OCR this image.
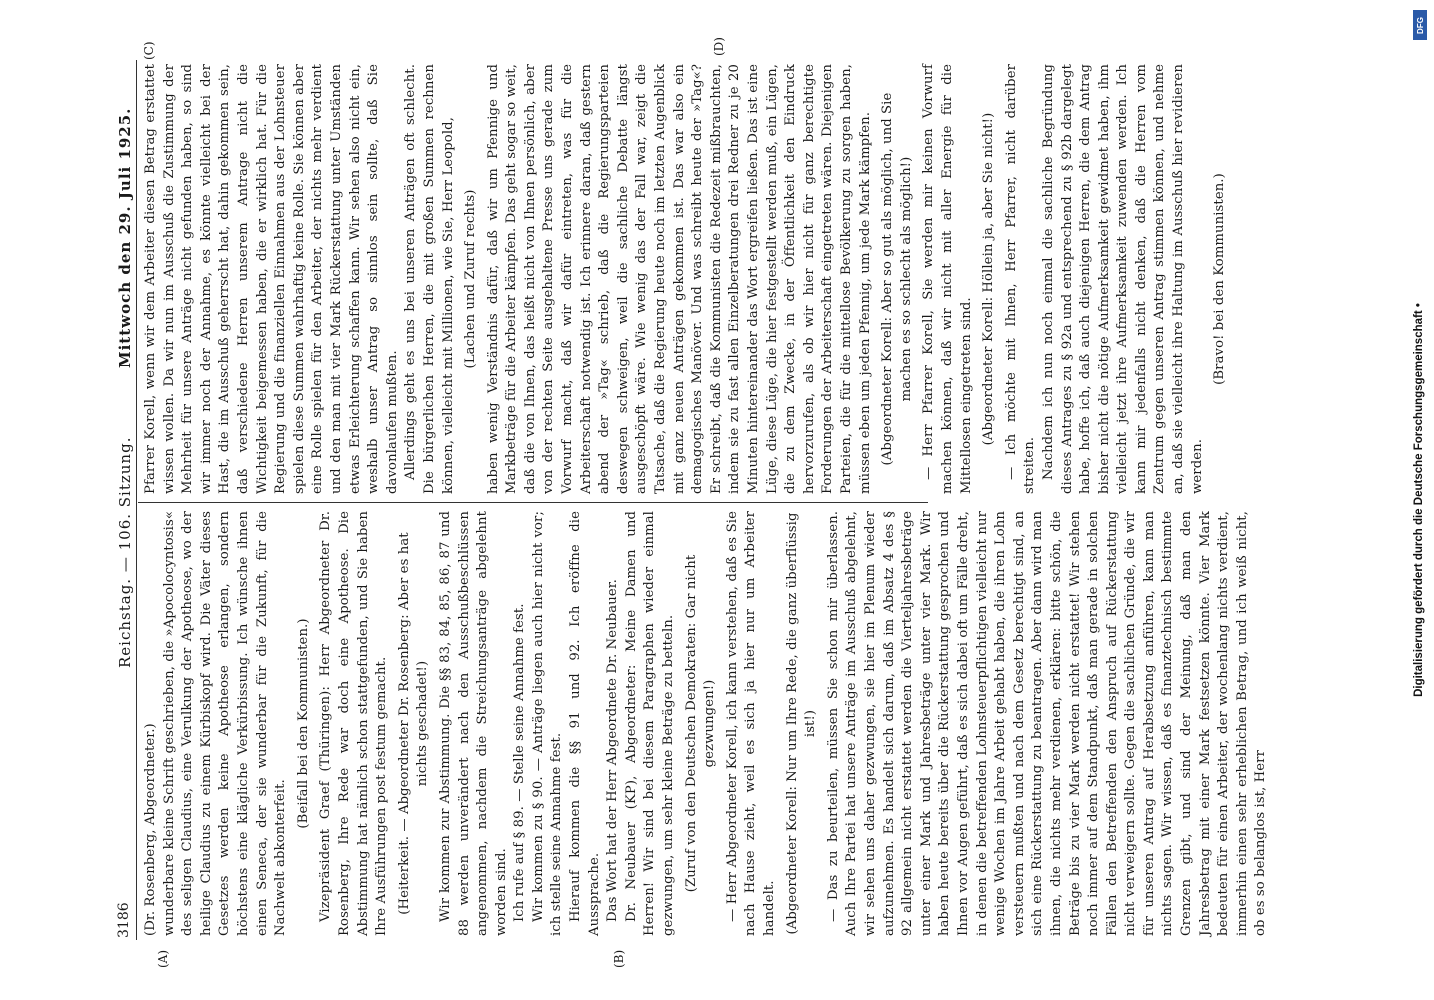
3186
Reichstag. — 106. Sitzung.
Mittwoch den 29. Juli 1925.
(A)	(B)
(C)	(D)

(Dr. Rosenberg, Abgeordneter.) wunderbare kleine Schrift geschrieben, die »Apocolocyntosis« des seligen Claudius, eine Verulkung der Apotheose, wo der heilige Claudius zu einem Kürbiskopf wird. Die Väter dieses Gesetzes werden keine Apotheose erlangen, sondern höchstens eine klägliche Verkürbissung. Ich wünsche ihnen einen Seneca, der sie wunderbar für die Zukunft, für die Nachwelt abkonterfeit.

(Beifall bei den Kommunisten.) Vizepräsident Graef (Thüringen): Herr Abgeordneter Dr. Rosenberg, Ihre Rede war doch eine Apotheose. Die Abstimmung hat nämlich schon stattgefunden, und Sie haben Ihre Ausführungen post festum gemacht. (Heiterkeit. — Abgeordneter Dr. Rosenberg: Aber es hat nichts geschadet!) Wir kommen zur Abstimmung. Die §§ 83, 84, 85, 86, 87 und 88 werden unverändert nach den Ausschußbeschlüssen angenommen, nachdem die Streichungsanträge abgelehnt worden sind. Ich rufe auf § 89. — Stelle seine Annahme fest. Wir kommen zu § 90. — Anträge liegen auch hier nicht vor; ich stelle seine Annahme fest. Hierauf kommen die §§ 91 und 92. Ich eröffne die Aussprache. Das Wort hat der Herr Abgeordnete Dr. Neubauer. Dr. Neubauer (KP), Abgeordneter: Meine Damen und Herren! Wir sind bei diesem Paragraphen wieder einmal gezwungen, um sehr kleine Beträge zu betteln. (Zuruf von den Deutschen Demokraten: Gar nicht gezwungen!) — Herr Abgeordneter Korell, ich kann verstehen, daß es Sie nach Hause zieht, weil es sich ja hier nur um Arbeiter handelt. (Abgeordneter Korell: Nur um Ihre Rede, die ganz überflüssig ist!) — Das zu beurteilen, müssen Sie schon mir überlassen. Auch Ihre Partei hat unsere Anträge im Ausschuß abgelehnt, wir sehen uns daher gezwungen, sie hier im Plenum wieder aufzunehmen. Es handelt sich darum, daß im Absatz 4 des § 92 allgemein nicht erstattet werden die Vierteljahresbeträge unter einer Mark und Jahresbeträge unter vier Mark. Wir haben heute bereits über die Rückerstattung gesprochen und Ihnen vor Augen geführt, daß es sich dabei oft um Fälle dreht, in denen die betreffenden Lohnsteuerpflichtigen vielleicht nur wenige Wochen im Jahre Arbeit gehabt haben, die ihren Lohn versteuern mußten und nach dem Gesetz berechtigt sind, an sich eine Rückerstattung zu beantragen. Aber dann wird man ihnen, die nichts mehr verdienen, erklären: bitte schön, die Beträge bis zu vier Mark werden nicht erstattet! Wir stehen noch immer auf dem Standpunkt, daß man gerade in solchen Fällen den Betreffenden den Anspruch auf Rückerstattung nicht verweigern sollte. Gegen die sachlichen Gründe, die wir für unseren Antrag auf Herabsetzung anführen, kann man nichts sagen. Wir wissen, daß es finanztechnisch bestimmte Grenzen gibt, und sind der Meinung, daß man den Jahresbetrag mit einer Mark festsetzen könnte. Vier Mark bedeuten für einen Arbeiter, der wochenlang nichts verdient, immerhin einen sehr erheblichen Betrag, und ich weiß nicht, ob es so belanglos ist, Herr

Pfarrer Korell, wenn wir dem Arbeiter diesen Betrag erstattet wissen wollen. Da wir nun im Ausschuß die Zustimmung der Mehrheit für unsere Anträge nicht gefunden haben, so sind wir immer noch der Annahme, es könnte vielleicht bei der Hast, die im Ausschuß geherrscht hat, dahin gekommen sein, daß verschiedene Herren unserem Antrage nicht die Wichtigkeit beigemessen haben, die er wirklich hat. Für die Regierung und die finanziellen Einnahmen aus der Lohnsteuer spielen diese Summen wahrhaftig keine Rolle. Sie können aber eine Rolle spielen für den Arbeiter, der nichts mehr verdient und den man mit vier Mark Rückerstattung unter Umständen etwas Erleichterung schaffen kann. Wir sehen also nicht ein, weshalb unser Antrag so sinnlos sein sollte, daß Sie davonlaufen mußten. Allerdings geht es uns bei unseren Anträgen oft schlecht. Die bürgerlichen Herren, die mit großen Summen rechnen können, vielleicht mit Millionen, wie Sie, Herr Leopold, (Lachen und Zuruf rechts) haben wenig Verständnis dafür, daß wir um Pfennige und Markbeträge für die Arbeiter kämpfen. Das geht sogar so weit, daß die von Ihnen, das heißt nicht von Ihnen persönlich, aber von der rechten Seite ausgehaltene Presse uns gerade zum Vorwurf macht, daß wir dafür eintreten, was für die Arbeiterschaft notwendig ist. Ich erinnere daran, daß gestern abend der »Tag« schrieb, daß die Regierungsparteien deswegen schweigen, weil die sachliche Debatte längst ausgeschöpft wäre. Wie wenig das der Fall war, zeigt die Tatsache, daß die Regierung heute noch im letzten Augenblick mit ganz neuen Anträgen gekommen ist. Das war also ein demagogisches Manöver. Und was schreibt heute der »Tag«? Er schreibt, daß die Kommunisten die Redezeit mißbrauchten, indem sie zu fast allen Einzelberatungen drei Redner zu je 20 Minuten hintereinander das Wort ergreifen ließen. Das ist eine Lüge, diese Lüge, die hier festgestellt werden muß, ein Lügen, die zu dem Zwecke, in der Öffentlichkeit den Eindruck hervorzurufen, als ob wir hier nicht für ganz berechtigte Forderungen der Arbeiterschaft eingetreten wären. Diejenigen Parteien, die für die mittellose Bevölkerung zu sorgen haben, müssen eben um jeden Pfennig, um jede Mark kämpfen. (Abgeordneter Korell: Aber so gut als möglich, und Sie machen es so schlecht als möglich!) — Herr Pfarrer Korell, Sie werden mir keinen Vorwurf machen können, daß wir nicht mit aller Energie für die Mittellosen eingetreten sind. (Abgeordneter Korell: Höllein ja, aber Sie nicht!) — Ich möchte mit Ihnen, Herr Pfarrer, nicht darüber streiten. Nachdem ich nun noch einmal die sachliche Begründung dieses Antrages zu § 92a und entsprechend zu § 92b dargelegt habe, hoffe ich, daß auch diejenigen Herren, die dem Antrag bisher nicht die nötige Aufmerksamkeit gewidmet haben, ihm vielleicht jetzt ihre Aufmerksamkeit zuwenden werden. Ich kann mir jedenfalls nicht denken, daß die Herren vom Zentrum gegen unseren Antrag stimmen können, und nehme an, daß sie vielleicht ihre Haltung im Ausschuß hier revidieren werden.

(Bravo! bei den Kommunisten.)

DFG
Digitalisierung gefördert durch die Deutsche Forschungsgemeinschaft •
